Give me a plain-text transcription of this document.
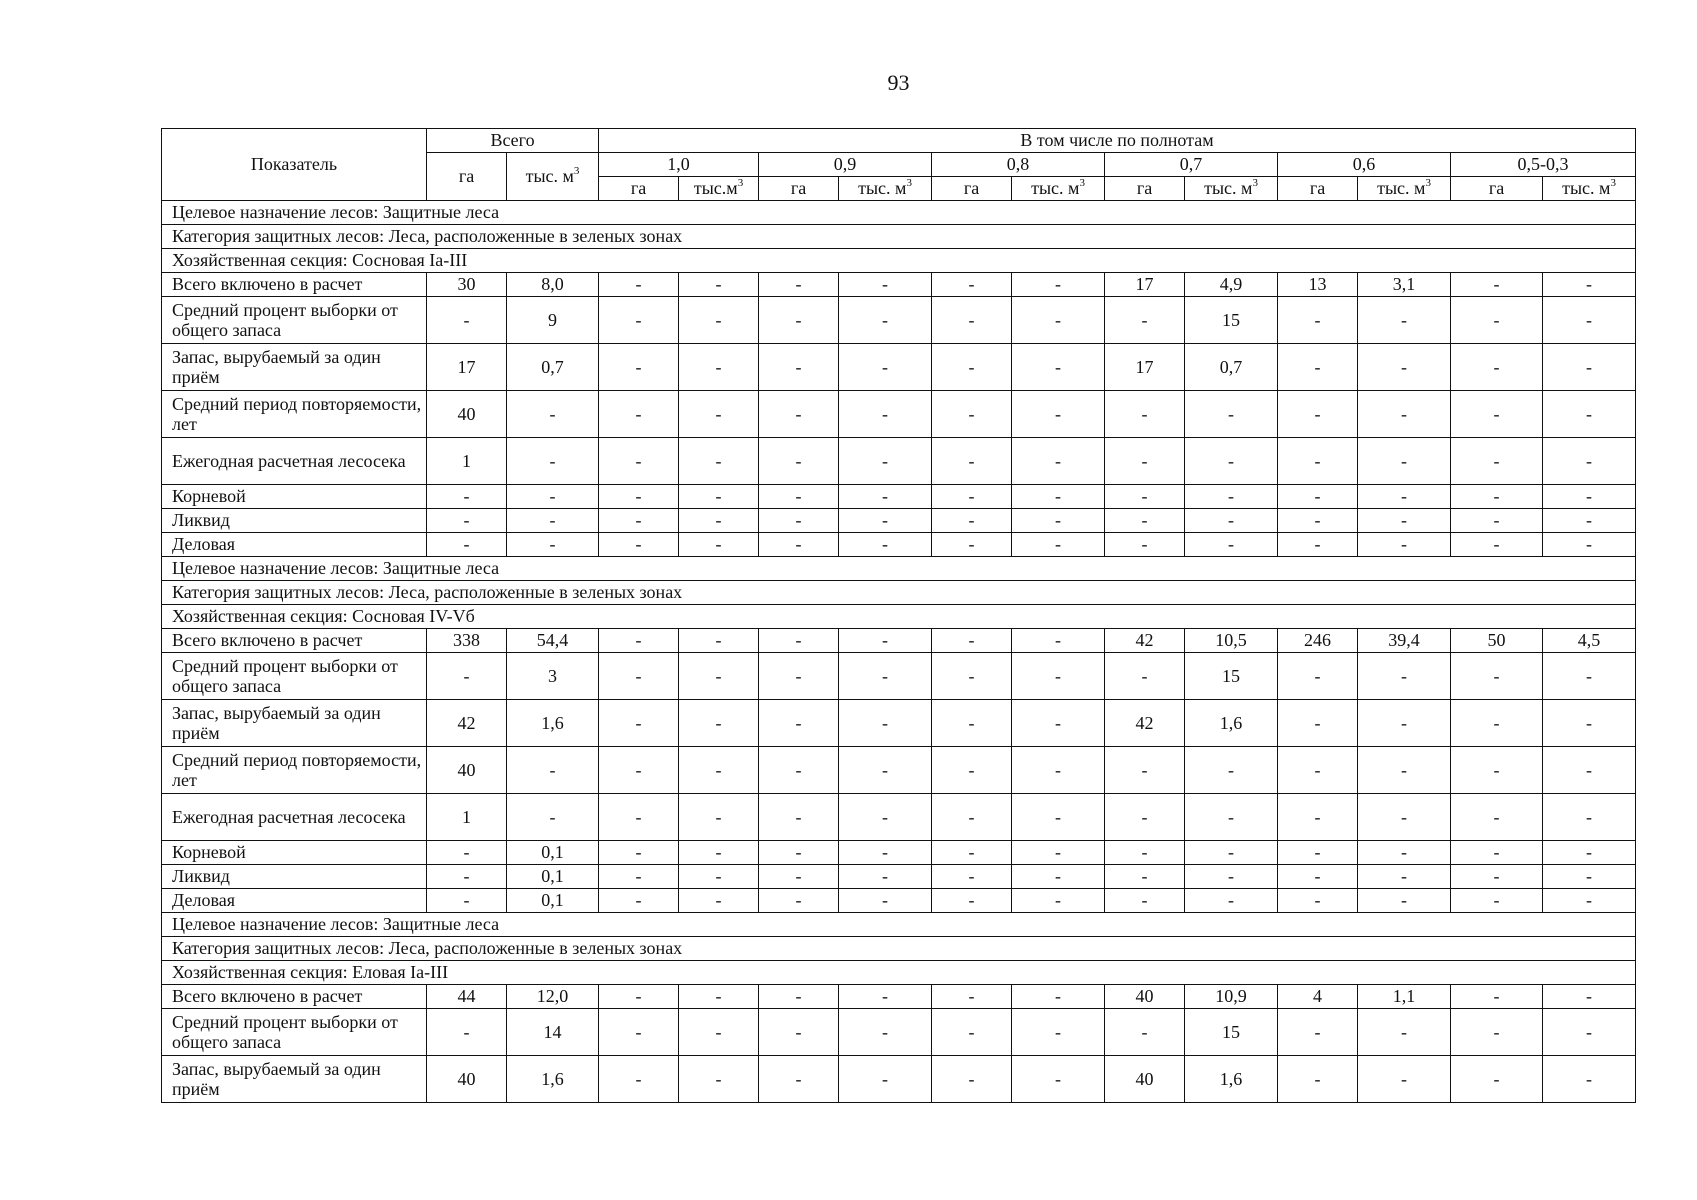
93
Показатель	Всего		В том числе по полнотам											
	га	тыс. $м^3$	1,0		0,9		0,8		0,7		0,6		0,5-0,3	
			га	$тыс.м^3$	га	тыс. $м^3$	га	тыс. $м^3$	га	тыс. $м^3$	га	тыс. $м^3$	га	тыс. $м^3$
Целевое назначение лесов: Защитные леса														
Категория защитных лесов: Леса, расположенные в зеленых зонах														
Хозяйственная секция: Сосновая Ia-III														
Всего включено в расчет	30	8,0	-	-	-	-	-	-	17	4,9	13	3,1	-	-
Средний процент выборки от общего запаса	-	9	-	-	-	-	-	-	-	15	-	-	-	-
Запас, вырубаемый за один приём	17	0,7	-	-	-	-	-	-	17	0,7	-	-	-	-
Средний период повторяемости, лет	40	-	-	-	-	-	-	-	-	-	-	-	-	-
Ежегодная расчетная лесосека	1	-	-	-	-	-	-	-	-	-	-	-	-	-
Корневой	-	-	-	-	-	-	-	-	-	-	-	-	-	-
Ликвид	-	-	-	-	-	-	-	-	-	-	-	-	-	-
Деловая	-	-	-	-	-	-	-	-	-	-	-	-	-	-
Целевое назначение лесов: Защитные леса														
Категория защитных лесов: Леса, расположенные в зеленых зонах														
Хозяйственная секция: Сосновая IV-Vб														
Всего включено в расчет	338	54,4	-	-	-	-	-	-	42	10,5	246	39,4	50	4,5
Средний процент выборки от общего запаса	-	3	-	-	-	-	-	-	-	15	-	-	-	-
Запас, вырубаемый за один приём	42	1,6	-	-	-	-	-	-	42	1,6	-	-	-	-
Средний период повторяемости, лет	40	-	-	-	-	-	-	-	-	-	-	-	-	-
Ежегодная расчетная лесосека	1	-	-	-	-	-	-	-	-	-	-	-	-	-
Корневой	-	0,1	-	-	-	-	-	-	-	-	-	-	-	-
Ликвид	-	0,1	-	-	-	-	-	-	-	-	-	-	-	-
Деловая	-	0,1	-	-	-	-	-	-	-	-	-	-	-	-
Целевое назначение лесов: Защитные леса														
Категория защитных лесов: Леса, расположенные в зеленых зонах														
Хозяйственная секция: Еловая Ia-III														
Всего включено в расчет	44	12,0	-	-	-	-	-	-	40	10,9	4	1,1	-	-
Средний процент выборки от общего запаса	-	14	-	-	-	-	-	-	-	15	-	-	-	-
Запас, вырубаемый за один приём	40	1,6	-	-	-	-	-	-	40	1,6	-	-	-	-
